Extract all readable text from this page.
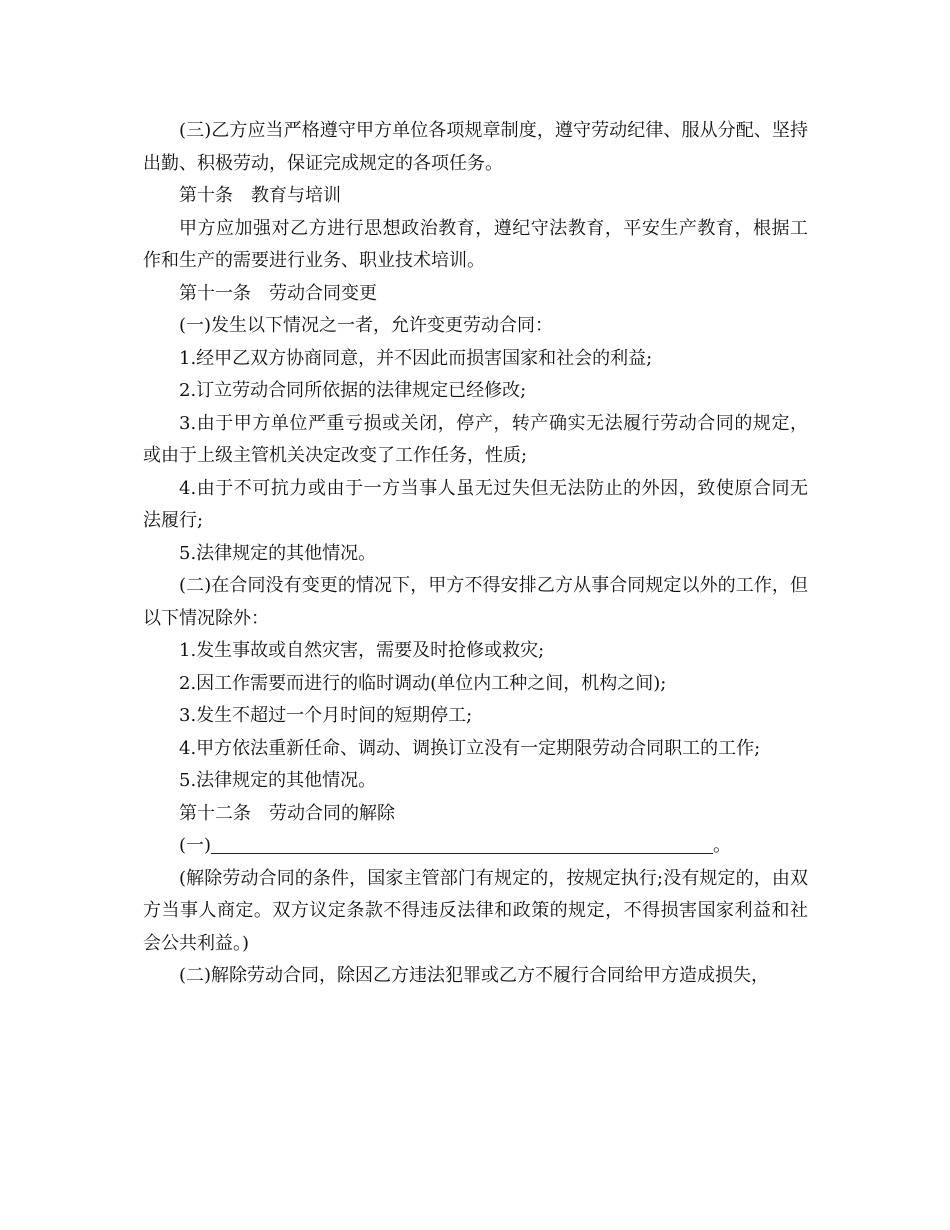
(三)乙方应当严格遵守甲方单位各项规章制度，遵守劳动纪律、服从分配、坚持出勤、积极劳动，保证完成规定的各项任务。

第十条　教育与培训

甲方应加强对乙方进行思想政治教育，遵纪守法教育，平安生产教育，根据工作和生产的需要进行业务、职业技术培训。

第十一条　劳动合同变更

(一)发生以下情况之一者，允许变更劳动合同：

1.经甲乙双方协商同意，并不因此而损害国家和社会的利益;

2.订立劳动合同所依据的法律规定已经修改;

3.由于甲方单位严重亏损或关闭，停产，转产确实无法履行劳动合同的规定，或由于上级主管机关决定改变了工作任务，性质;

4.由于不可抗力或由于一方当事人虽无过失但无法防止的外因，致使原合同无法履行;

5.法律规定的其他情况。

(二)在合同没有变更的情况下，甲方不得安排乙方从事合同规定以外的工作，但以下情况除外：

1.发生事故或自然灾害，需要及时抢修或救灾;

2.因工作需要而进行的临时调动(单位内工种之间，机构之间);

3.发生不超过一个月时间的短期停工;

4.甲方依法重新任命、调动、调换订立没有一定期限劳动合同职工的工作;

5.法律规定的其他情况。

第十二条　劳动合同的解除

(一)	。

(解除劳动合同的条件，国家主管部门有规定的，按规定执行;没有规定的，由双方当事人商定。双方议定条款不得违反法律和政策的规定，不得损害国家利益和社会公共利益。)

(二)解除劳动合同，除因乙方违法犯罪或乙方不履行合同给甲方造成损失，
